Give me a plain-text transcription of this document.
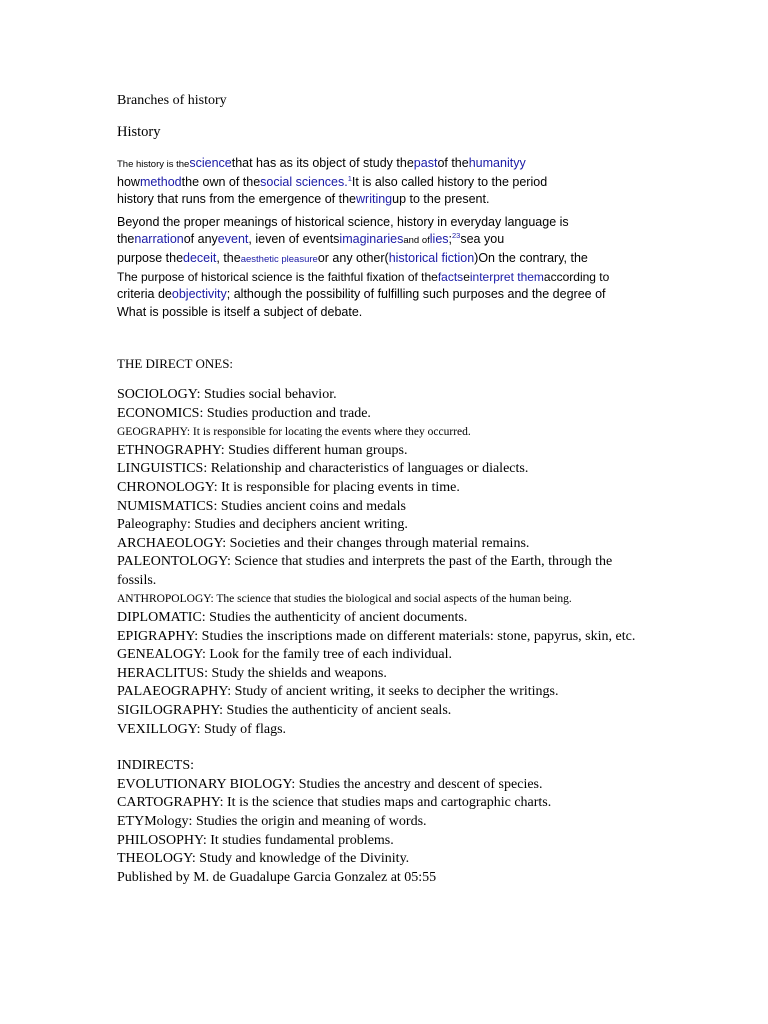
Branches of history
History
The history is thesciencethat has as its object of study thepastof thehumanityy
howmethodthe own of thesocial sciences.$^1$It is also called history to the period
history that runs from the emergence of thewritingup to the present.
Beyond the proper meanings of historical science, history in everyday language is
thenarrationof anyevent, ieven of eventsimaginariesand oflies;$^{23}$sea you
purpose thedeceit, theaesthetic pleasureor any other(historical fiction)On the contrary, the
The purpose of historical science is the faithful fixation of thefactseinterpret themaccording to
criteria deobjectivity; although the possibility of fulfilling such purposes and the degree of
What is possible is itself a subject of debate.
THE DIRECT ONES:
SOCIOLOGY: Studies social behavior.
ECONOMICS: Studies production and trade.
GEOGRAPHY: It is responsible for locating the events where they occurred.
ETHNOGRAPHY: Studies different human groups.
LINGUISTICS: Relationship and characteristics of languages or dialects.
CHRONOLOGY: It is responsible for placing events in time.
NUMISMATICS: Studies ancient coins and medals
Paleography: Studies and deciphers ancient writing.
ARCHAEOLOGY: Societies and their changes through material remains.
PALEONTOLOGY: Science that studies and interprets the past of the Earth, through the fossils.
ANTHROPOLOGY: The science that studies the biological and social aspects of the human being.
DIPLOMATIC: Studies the authenticity of ancient documents.
EPIGRAPHY: Studies the inscriptions made on different materials: stone, papyrus, skin, etc.
GENEALOGY: Look for the family tree of each individual.
HERACLITUS: Study the shields and weapons.
PALAEOGRAPHY: Study of ancient writing, it seeks to decipher the writings.
SIGILOGRAPHY: Studies the authenticity of ancient seals.
VEXILLOGY: Study of flags.
INDIRECTS:
EVOLUTIONARY BIOLOGY: Studies the ancestry and descent of species.
CARTOGRAPHY: It is the science that studies maps and cartographic charts.
ETYMology: Studies the origin and meaning of words.
PHILOSOPHY: It studies fundamental problems.
THEOLOGY: Study and knowledge of the Divinity.
Published by M. de Guadalupe Garcia Gonzalez at 05:55
